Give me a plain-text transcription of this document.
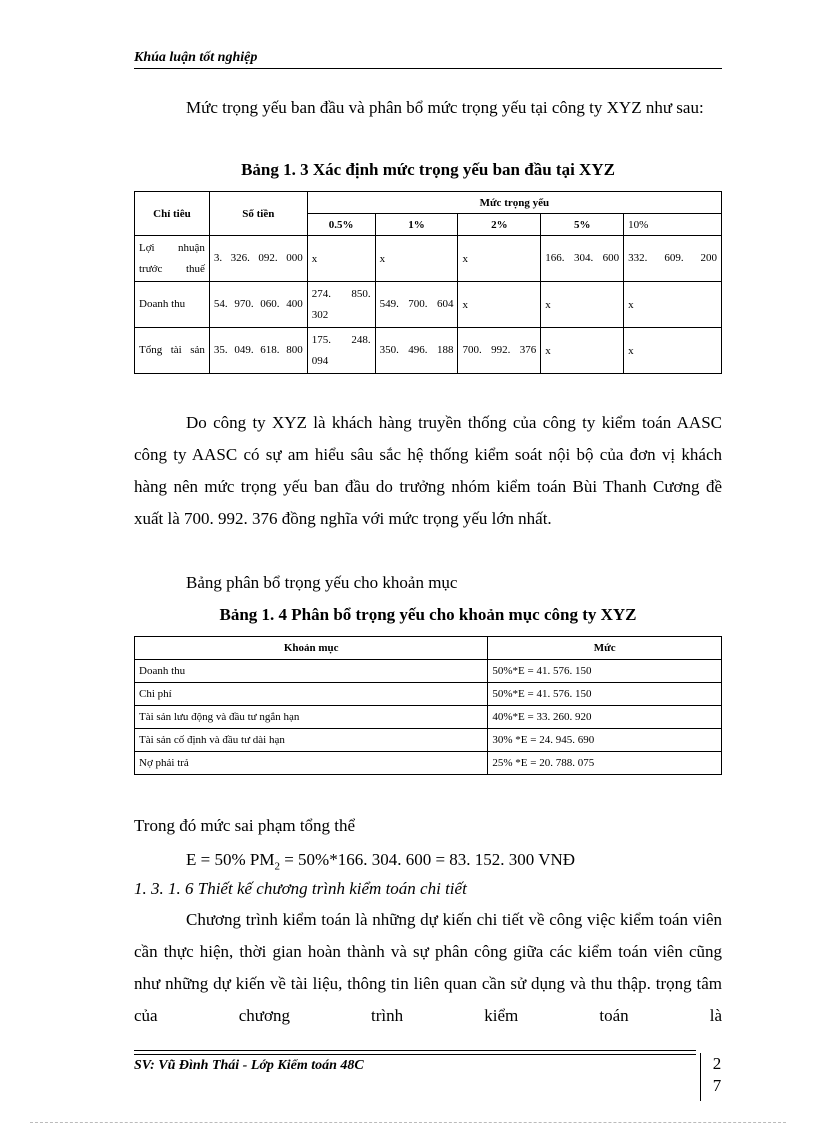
Khúa luận tốt nghiệp
Mức trọng yếu ban đầu và phân bổ mức trọng yếu tại công ty XYZ như sau:
Bảng 1. 3 Xác định mức trọng yếu ban đầu tại XYZ
Chỉ tiêu	Số tiền	Mức trọng yếu				
		0.5%	1%	2%	5%	10%
Lợi nhuận trước thuế	3. 326. 092. 000	x	x	x	166. 304. 600	332. 609. 200
Doanh thu	54. 970. 060. 400	274. 850. 302	549. 700. 604	x	x	x
Tổng tài sản	35. 049. 618. 800	175. 248. 094	350. 496. 188	700. 992. 376	x	x
Do công ty XYZ là khách hàng truyền thống của công ty kiểm toán AASC công ty AASC có sự am hiểu sâu sắc hệ thống kiểm soát nội bộ của đơn vị khách hàng nên mức trọng yếu ban đầu do trưởng nhóm kiểm toán Bùi Thanh Cương đề xuất là 700. 992. 376 đồng nghĩa với mức trọng yếu lớn nhất.
Bảng phân bổ trọng yếu cho khoản mục
Bảng 1. 4 Phân bổ trọng yếu cho khoản mục công ty XYZ
Khoản mục	Mức
Doanh thu	50%*E = 41. 576. 150
Chi phí	50%*E = 41. 576. 150
Tài sản lưu động và đầu tư ngắn hạn	40%*E = 33. 260. 920
Tài sản cố định và đầu tư dài hạn	30% *E = 24. 945. 690
Nợ phải trả	25% *E = 20. 788. 075
Trong đó mức sai phạm tổng thể
E = 50% $PM_2 = 50\%*166$. 304. 600 = 83. 152. 300 VNĐ
1. 3. 1. 6 Thiết kế chương trình kiểm toán chi tiết
Chương trình kiểm toán là những dự kiến chi tiết về công việc kiểm toán viên cần thực hiện, thời gian hoàn thành và sự phân công giữa các kiểm toán viên cũng như những dự kiến về tài liệu, thông tin liên quan cần sử dụng và thu thập. trọng tâm của chương trình kiểm toán là
SV: Vũ Đình Thái - Lớp Kiểm toán 48C	2
7
